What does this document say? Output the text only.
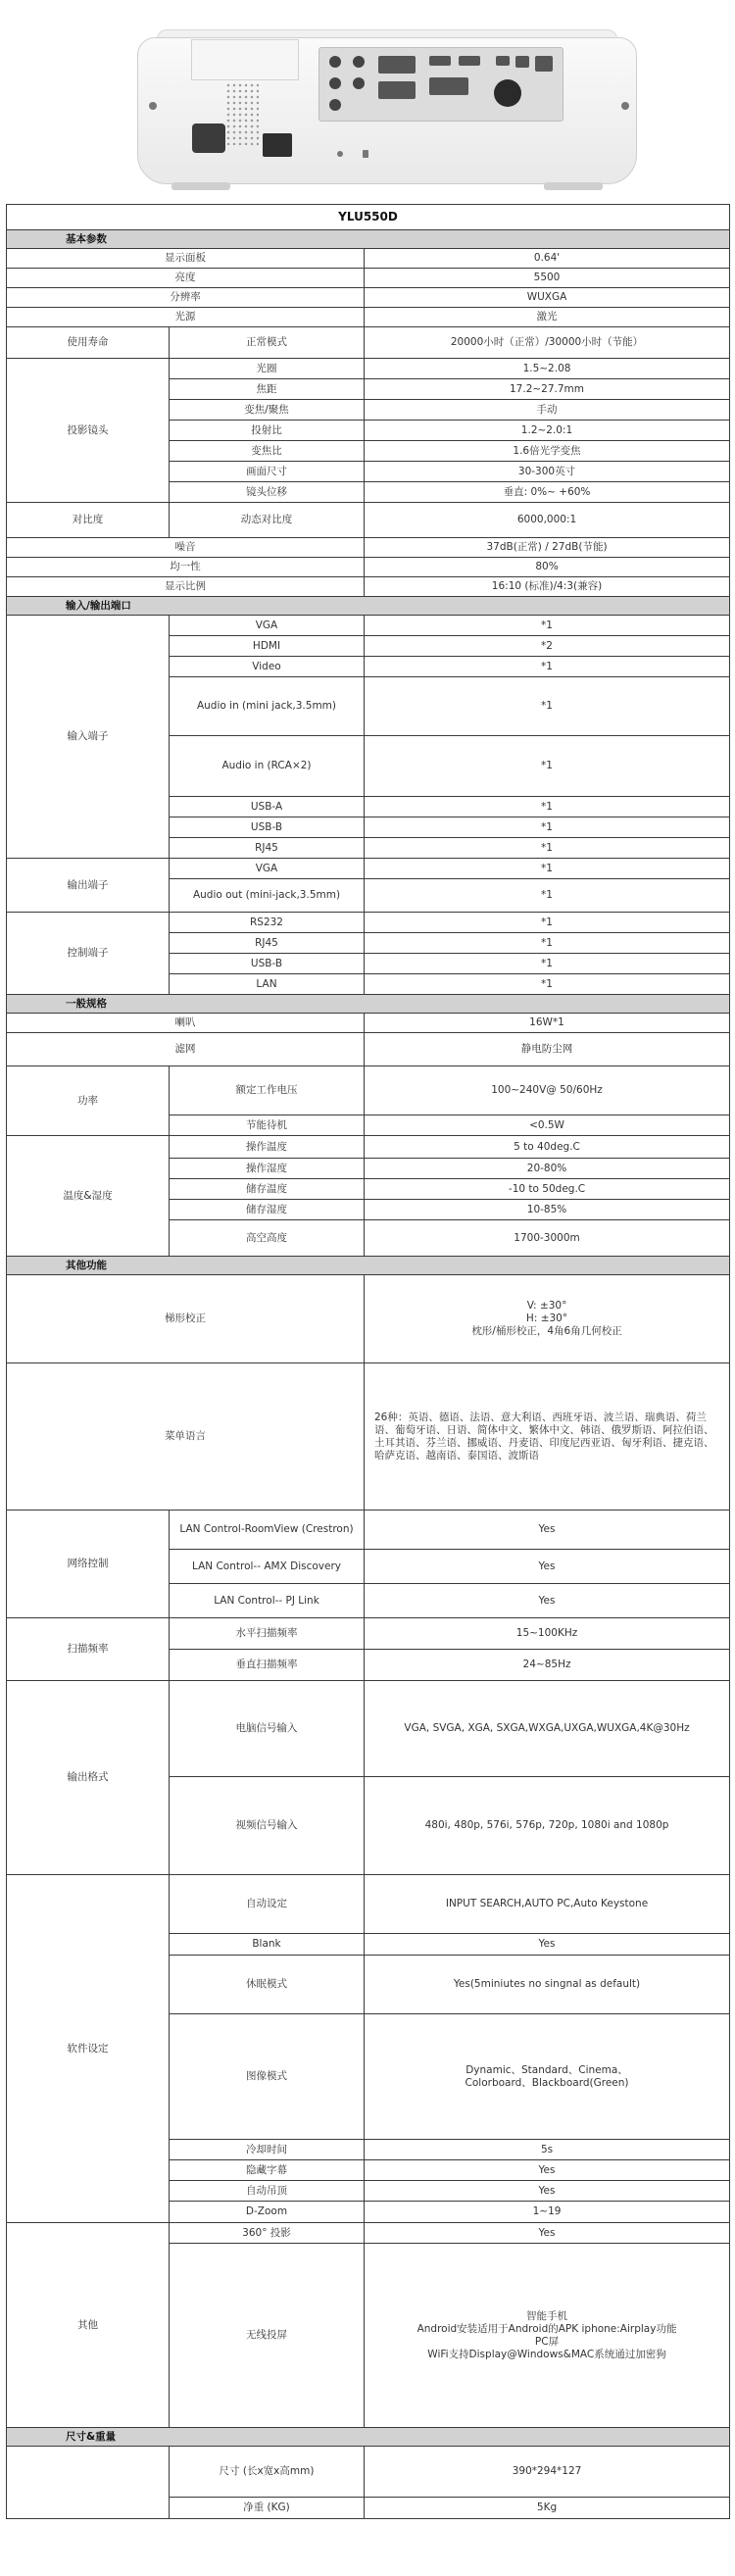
YLU550D		
基本参数		
显示面板		0.64'
亮度		5500
分辨率		WUXGA
光源		激光
使用寿命	正常模式	20000小时（正常）/30000小时（节能）
投影镜头	光圈	1.5~2.08
	焦距	17.2~27.7mm
	变焦/聚焦	手动
	投射比	1.2~2.0:1
	变焦比	1.6倍光学变焦
	画面尺寸	30-300英寸
	镜头位移	垂直: 0%~ +60%
对比度	动态对比度	6000,000:1
噪音		37dB(正常) / 27dB(节能)
均一性		80%
显示比例		16:10 (标准)/4:3(兼容)
输入/输出端口		
输入端子	VGA	*1
	HDMI	*2
	Video	*1
	Audio in (mini jack,3.5mm)	*1
	Audio in (RCA×2)	*1
	USB-A	*1
	USB-B	*1
	RJ45	*1
输出端子	VGA	*1
	Audio out (mini-jack,3.5mm)	*1
控制端子	RS232	*1
	RJ45	*1
	USB-B	*1
	LAN	*1
一般规格		
喇叭		16W*1
滤网		静电防尘网
功率	额定工作电压	100~240V@ 50/60Hz
	节能待机	<0.5W
温度&湿度	操作温度	5 to 40deg.C
	操作湿度	20-80%
	储存温度	-10 to 50deg.C
	储存湿度	10-85%
	高空高度	1700-3000m
其他功能		
梯形校正		V: ±30°
H: ±30°
枕形/桶形校正，4角6角几何校正

菜单语言		26种：英语、德语、法语、意大利语、西班牙语、波兰语、瑞典语、荷兰语、葡萄牙语、日语、简体中文、繁体中文、韩语、俄罗斯语、阿拉伯语、土耳其语、芬兰语、挪威语、丹麦语、印度尼西亚语、匈牙利语、捷克语、哈萨克语、越南语、泰国语、波斯语
网络控制	LAN Control-RoomView (Crestron)	Yes
	LAN Control-- AMX Discovery	Yes
	LAN Control-- PJ Link	Yes
扫描频率	水平扫描频率	15~100KHz
	垂直扫描频率	24~85Hz
输出格式	电脑信号输入	VGA, SVGA, XGA, SXGA,WXGA,UXGA,WUXGA,4K@30Hz
	视频信号输入	480i, 480p, 576i, 576p, 720p, 1080i and 1080p
软件设定	自动设定	INPUT SEARCH,AUTO PC,Auto Keystone
	Blank	Yes
	休眠模式	Yes(5miniutes no singnal as default)
	图像模式	Dynamic、Standard、Cinema、Colorboard、Blackboard(Green)
	冷却时间	5s
	隐藏字幕	Yes
	自动吊顶	Yes
	D-Zoom	1~19
其他	360° 投影	Yes
	无线投屏	智能手机
Android安装适用于Android的APK iphone:Airplay功能
PC屏
WiFi支持Display@Windows&MAC系统通过加密狗

尺寸&重量		
	尺寸 (长x宽x高mm)	390*294*127
	净重 (KG)	5Kg
